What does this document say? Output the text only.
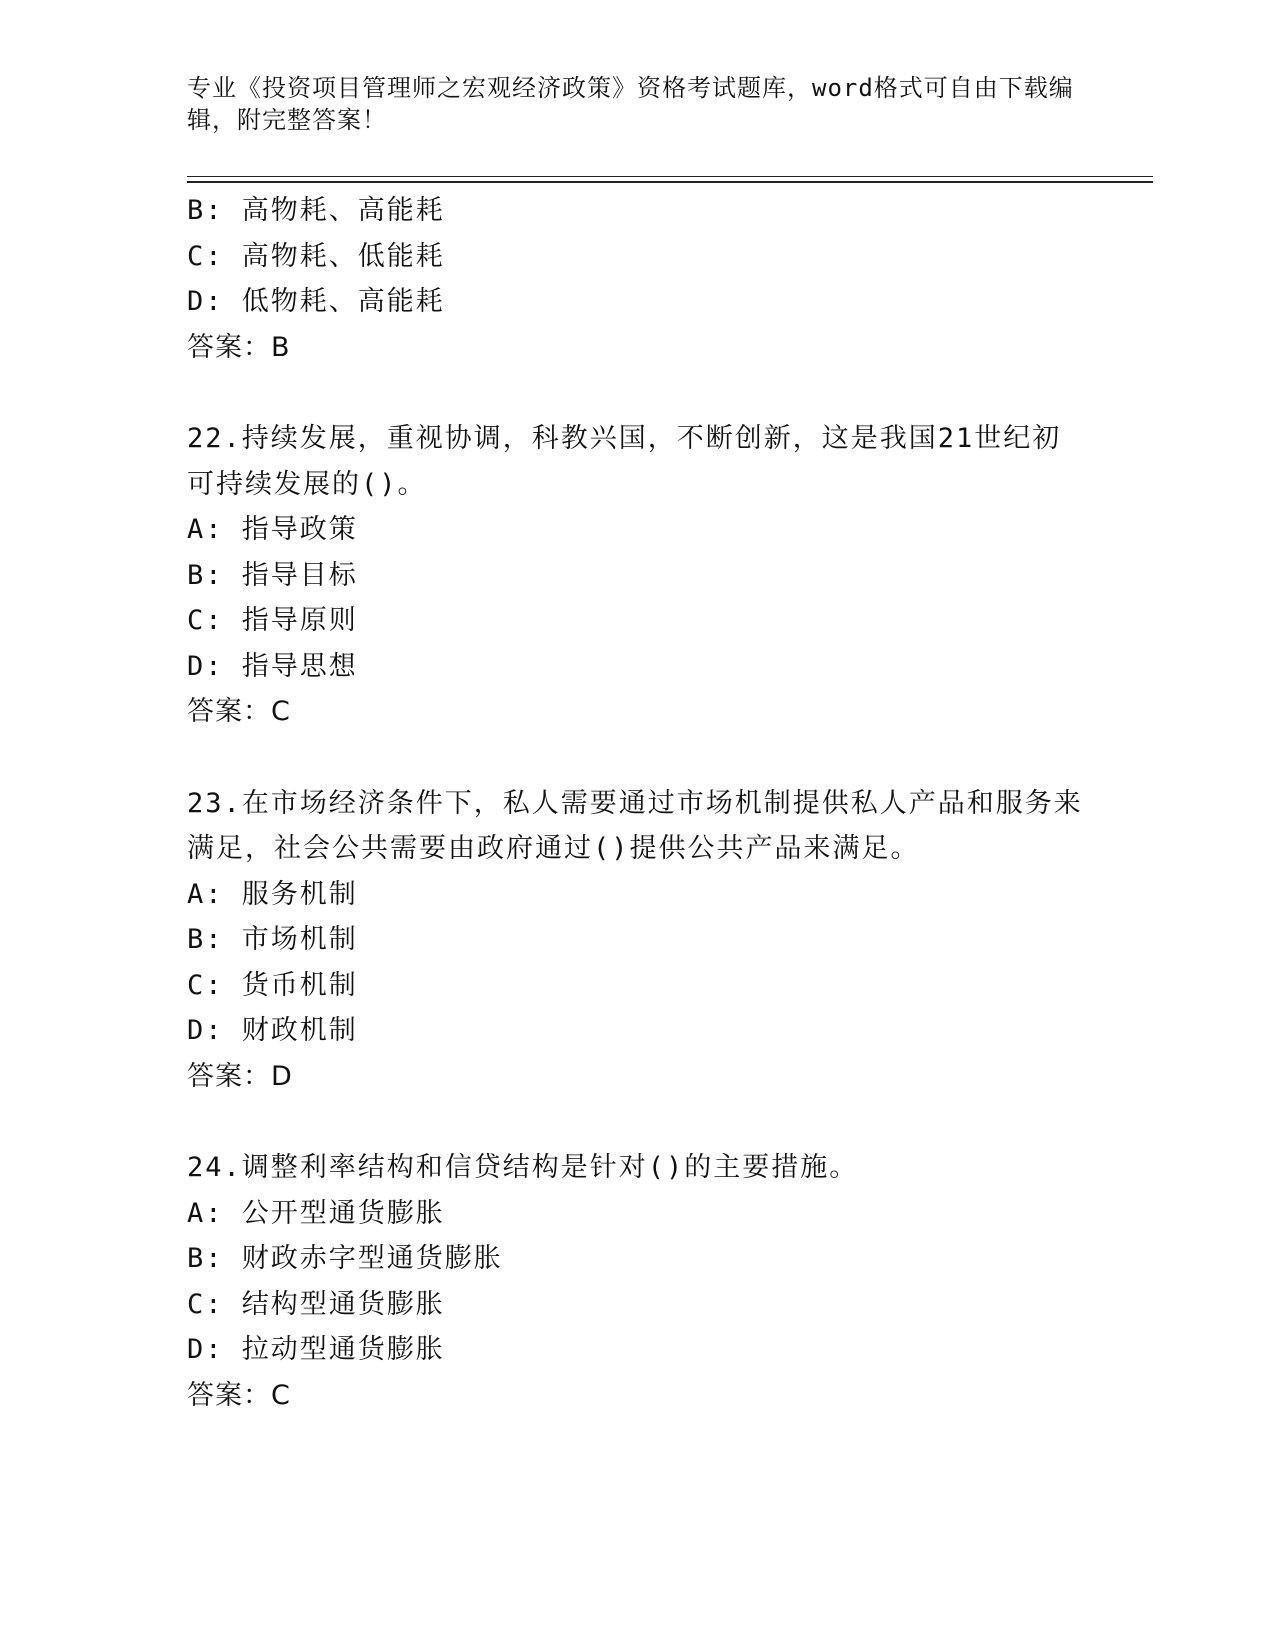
专业《投资项目管理师之宏观经济政策》资格考试题库，word格式可自由下载编
辑，附完整答案！
B: 高物耗、高能耗
C: 高物耗、低能耗
D: 低物耗、高能耗
答案：B
22.持续发展，重视协调，科教兴国，不断创新，这是我国21世纪初
可持续发展的()。
A: 指导政策
B: 指导目标
C: 指导原则
D: 指导思想
答案：C
23.在市场经济条件下，私人需要通过市场机制提供私人产品和服务来
满足，社会公共需要由政府通过()提供公共产品来满足。
A: 服务机制
B: 市场机制
C: 货币机制
D: 财政机制
答案：D
24.调整利率结构和信贷结构是针对()的主要措施。
A: 公开型通货膨胀
B: 财政赤字型通货膨胀
C: 结构型通货膨胀
D: 拉动型通货膨胀
答案：C
